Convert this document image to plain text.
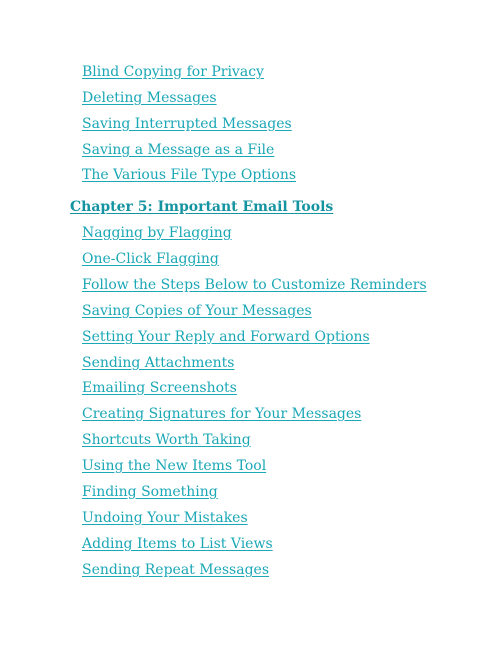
Blind Copying for Privacy
Deleting Messages
Saving Interrupted Messages
Saving a Message as a File
The Various File Type Options
Chapter 5: Important Email Tools
Nagging by Flagging
One-Click Flagging
Follow the Steps Below to Customize Reminders
Saving Copies of Your Messages
Setting Your Reply and Forward Options
Sending Attachments
Emailing Screenshots
Creating Signatures for Your Messages
Shortcuts Worth Taking
Using the New Items Tool
Finding Something
Undoing Your Mistakes
Adding Items to List Views
Sending Repeat Messages
